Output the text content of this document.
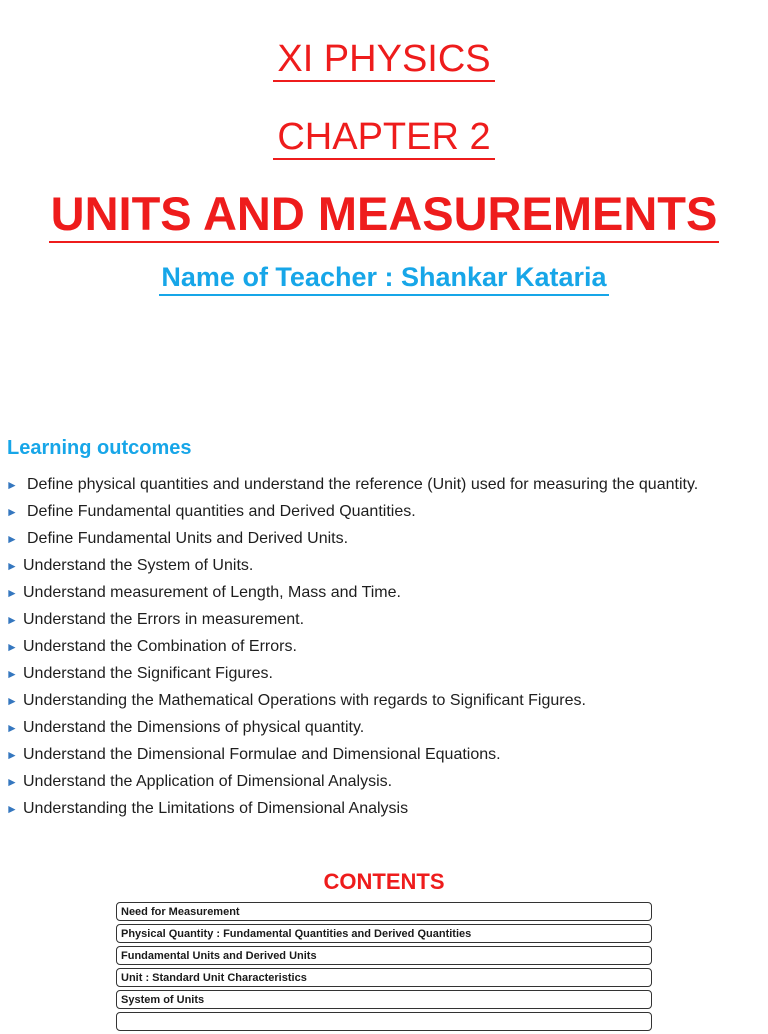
XI PHYSICS
CHAPTER 2
UNITS AND MEASUREMENTS
Name of Teacher : Shankar Kataria
Learning outcomes
► Define physical quantities and understand the reference (Unit) used for measuring the quantity.
► Define Fundamental quantities and Derived Quantities.
► Define Fundamental Units and Derived Units.
► Understand the System of Units.
► Understand measurement of Length, Mass and Time.
► Understand the Errors in measurement.
► Understand the Combination of Errors.
► Understand the Significant Figures.
► Understanding the Mathematical Operations with regards to Significant Figures.
► Understand the Dimensions of physical quantity.
► Understand the Dimensional Formulae and Dimensional Equations.
► Understand the Application of Dimensional Analysis.
► Understanding the Limitations of Dimensional Analysis
CONTENTS
Need for Measurement
Physical Quantity : Fundamental Quantities and Derived Quantities
Fundamental Units and Derived Units
Unit : Standard Unit Characteristics
System of Units
